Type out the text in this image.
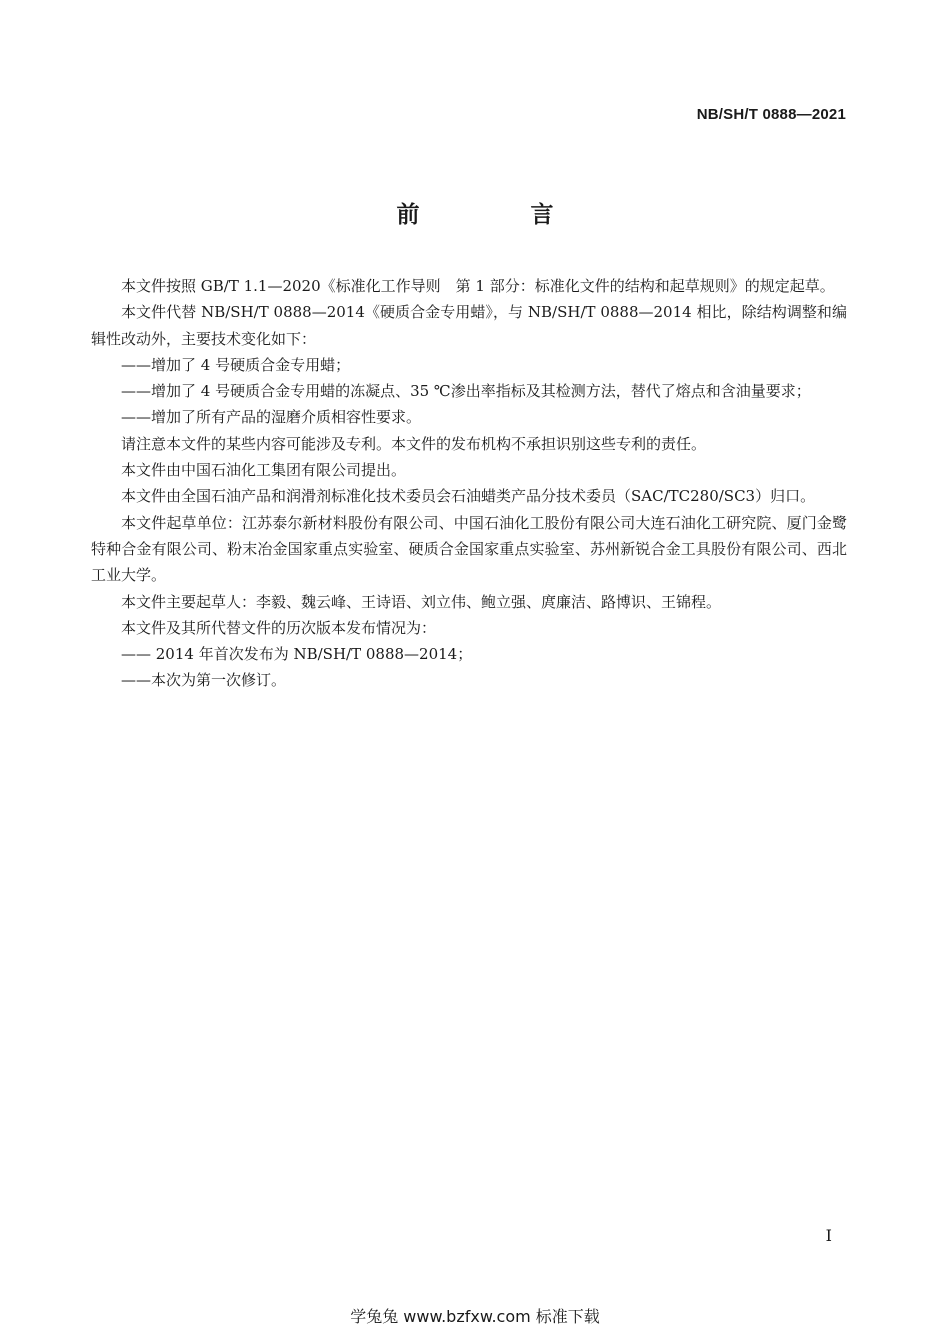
NB/SH/T 0888—2021
前　言

本文件按照 GB/T 1.1—2020《标准化工作导则　第 1 部分：标准化文件的结构和起草规则》的规定起草。

本文件代替 NB/SH/T 0888—2014《硬质合金专用蜡》，与 NB/SH/T 0888—2014 相比，除结构调整和编辑性改动外，主要技术变化如下：

——增加了 4 号硬质合金专用蜡；

——增加了 4 号硬质合金专用蜡的冻凝点、35 ℃渗出率指标及其检测方法，替代了熔点和含油量要求；

——增加了所有产品的湿磨介质相容性要求。

请注意本文件的某些内容可能涉及专利。本文件的发布机构不承担识别这些专利的责任。

本文件由中国石油化工集团有限公司提出。

本文件由全国石油产品和润滑剂标准化技术委员会石油蜡类产品分技术委员（SAC/TC280/SC3）归口。

本文件起草单位：江苏泰尔新材料股份有限公司、中国石油化工股份有限公司大连石油化工研究院、厦门金鹭特种合金有限公司、粉末冶金国家重点实验室、硬质合金国家重点实验室、苏州新锐合金工具股份有限公司、西北工业大学。

本文件主要起草人：李毅、魏云峰、王诗语、刘立伟、鲍立强、庹廉洁、路博识、王锦程。

本文件及其所代替文件的历次版本发布情况为：

—— 2014 年首次发布为 NB/SH/T 0888—2014；

——本次为第一次修订。

I
学兔兔 www.bzfxw.com 标准下载
